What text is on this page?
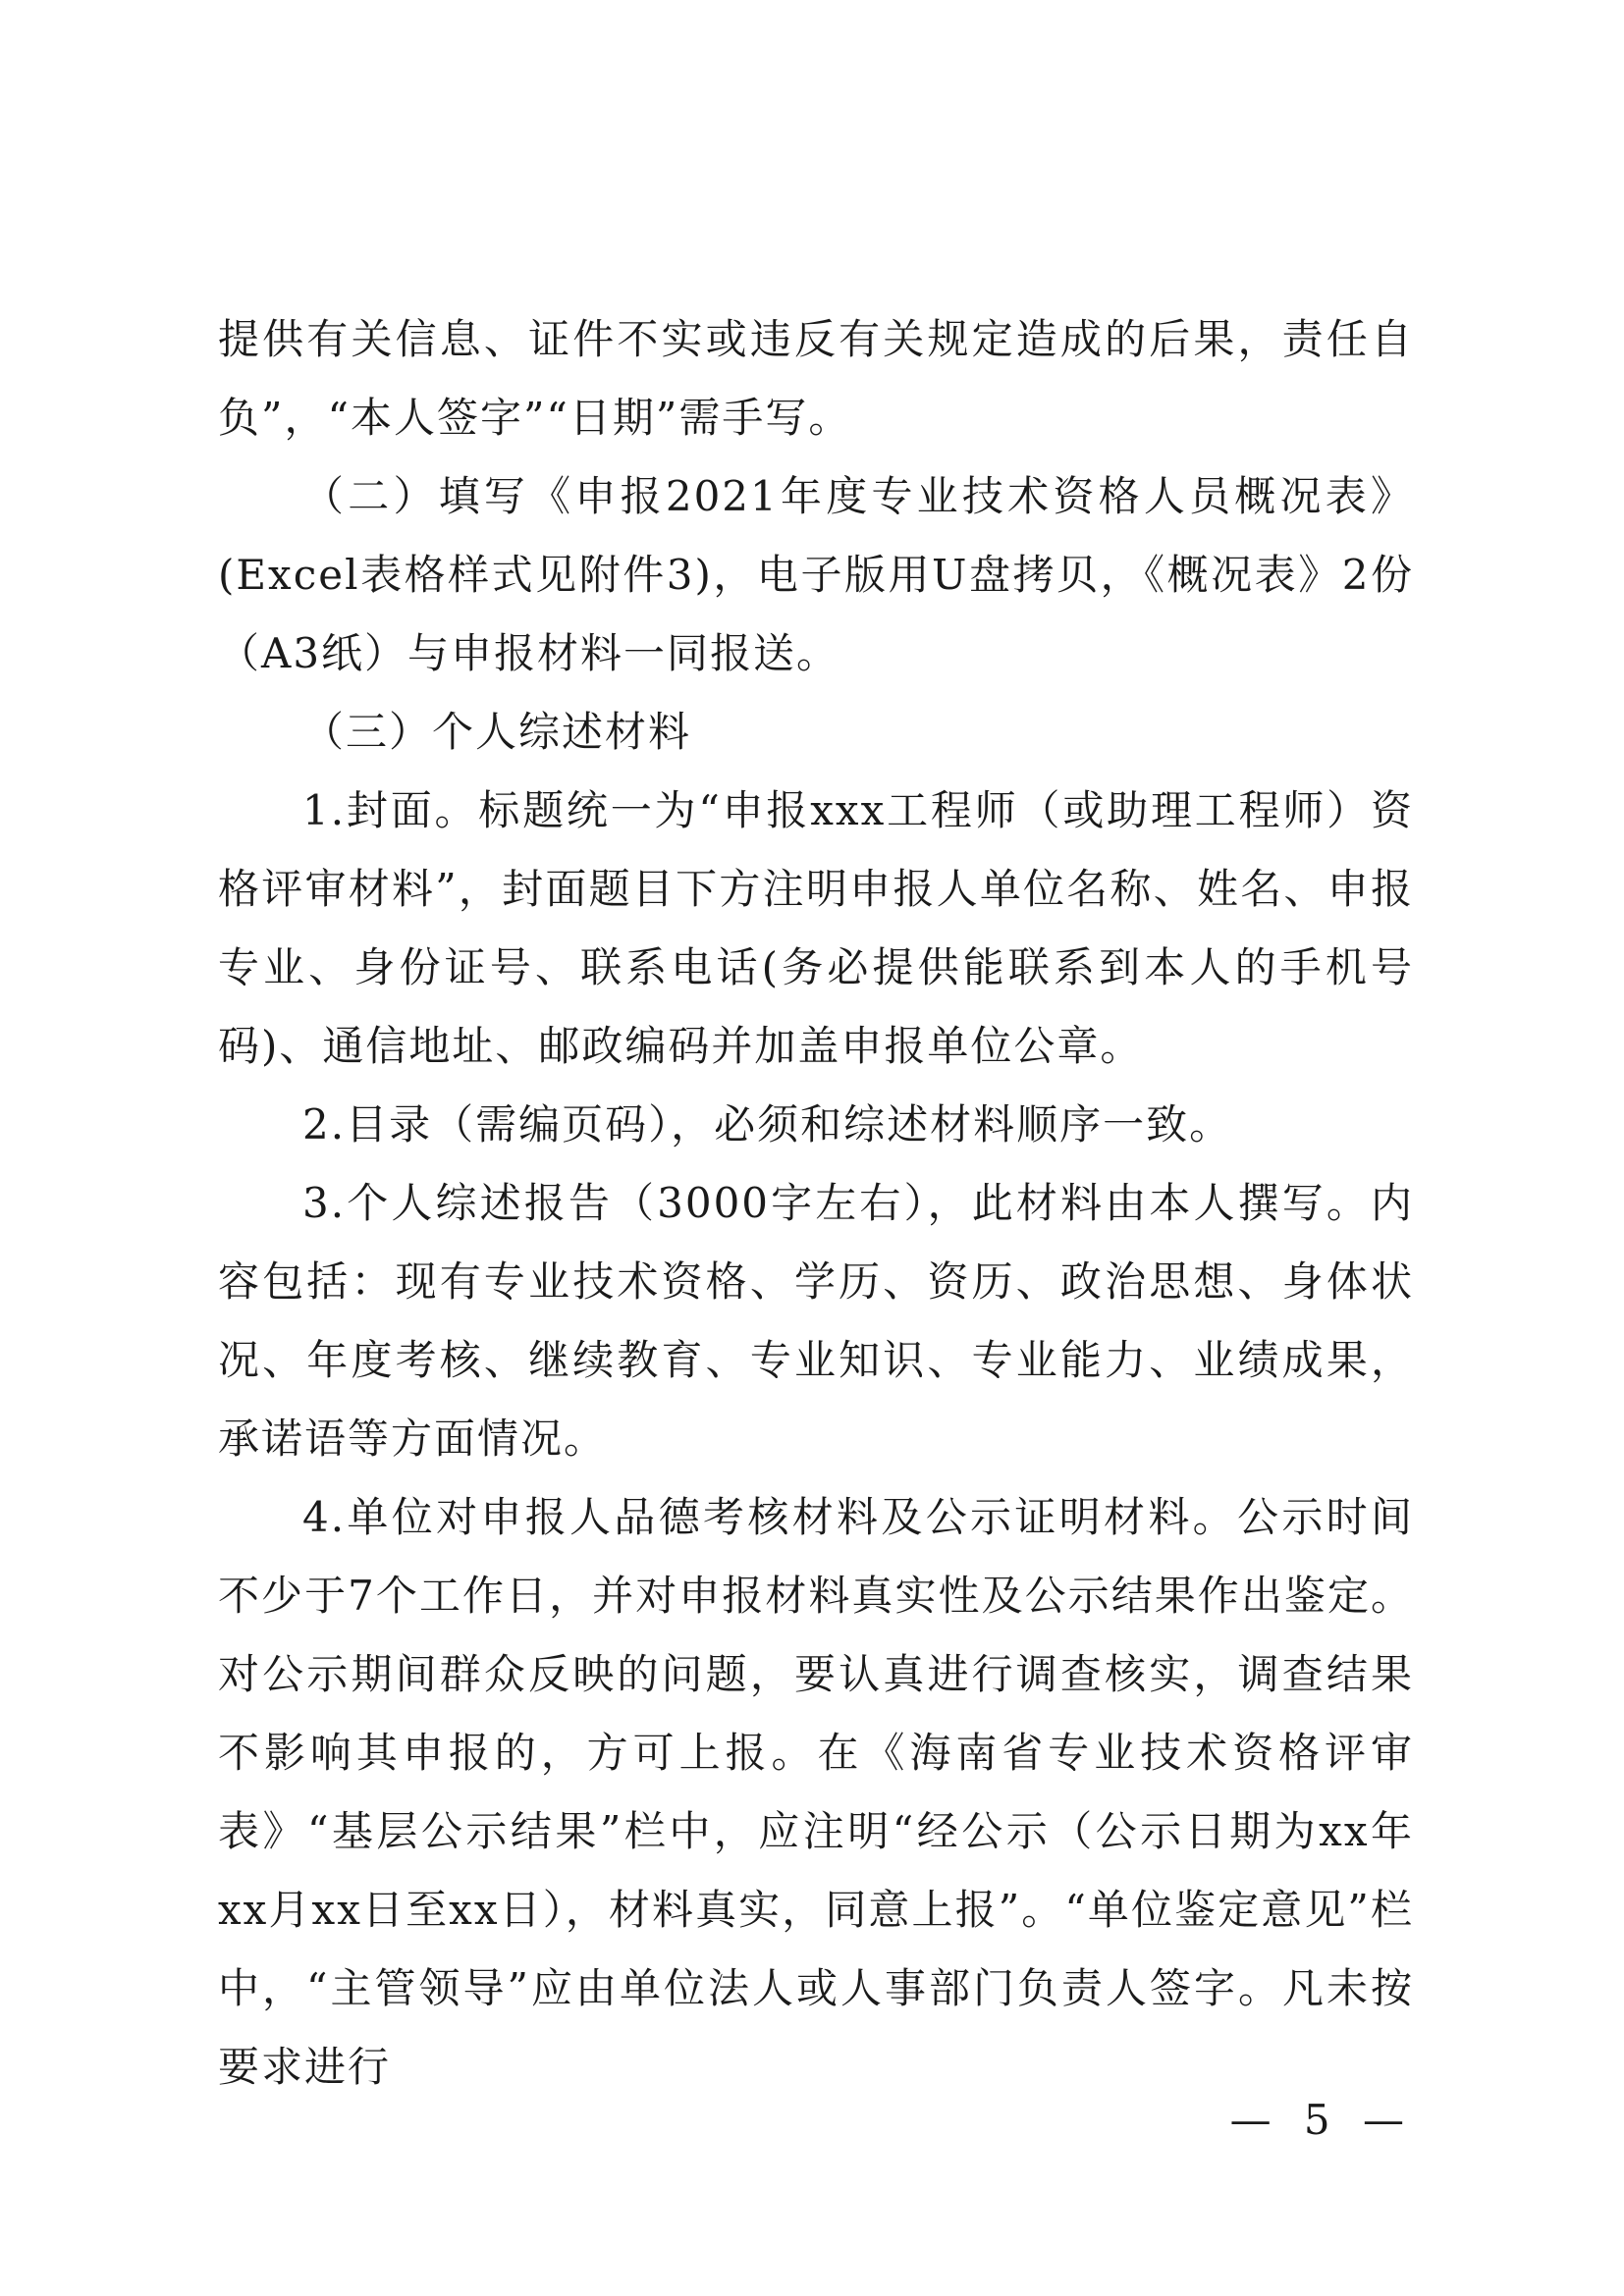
提供有关信息、证件不实或违反有关规定造成的后果，责任自负”，“本人签字”“日期”需手写。

（二）填写《申报2021年度专业技术资格人员概况表》(Excel表格样式见附件3)，电子版用U盘拷贝，《概况表》2份（A3纸）与申报材料一同报送。

（三）个人综述材料

1.封面。标题统一为“申报xxx工程师（或助理工程师）资格评审材料”，封面题目下方注明申报人单位名称、姓名、申报专业、身份证号、联系电话(务必提供能联系到本人的手机号码)、通信地址、邮政编码并加盖申报单位公章。

2.目录（需编页码），必须和综述材料顺序一致。

3.个人综述报告（3000字左右），此材料由本人撰写。内容包括：现有专业技术资格、学历、资历、政治思想、身体状况、年度考核、继续教育、专业知识、专业能力、业绩成果，承诺语等方面情况。

4.单位对申报人品德考核材料及公示证明材料。公示时间不少于7个工作日，并对申报材料真实性及公示结果作出鉴定。对公示期间群众反映的问题，要认真进行调查核实，调查结果不影响其申报的，方可上报。在《海南省专业技术资格评审表》“基层公示结果”栏中，应注明“经公示（公示日期为xx年xx月xx日至xx日），材料真实，同意上报”。“单位鉴定意见”栏中，“主管领导”应由单位法人或人事部门负责人签字。凡未按要求进行

— 5 —
